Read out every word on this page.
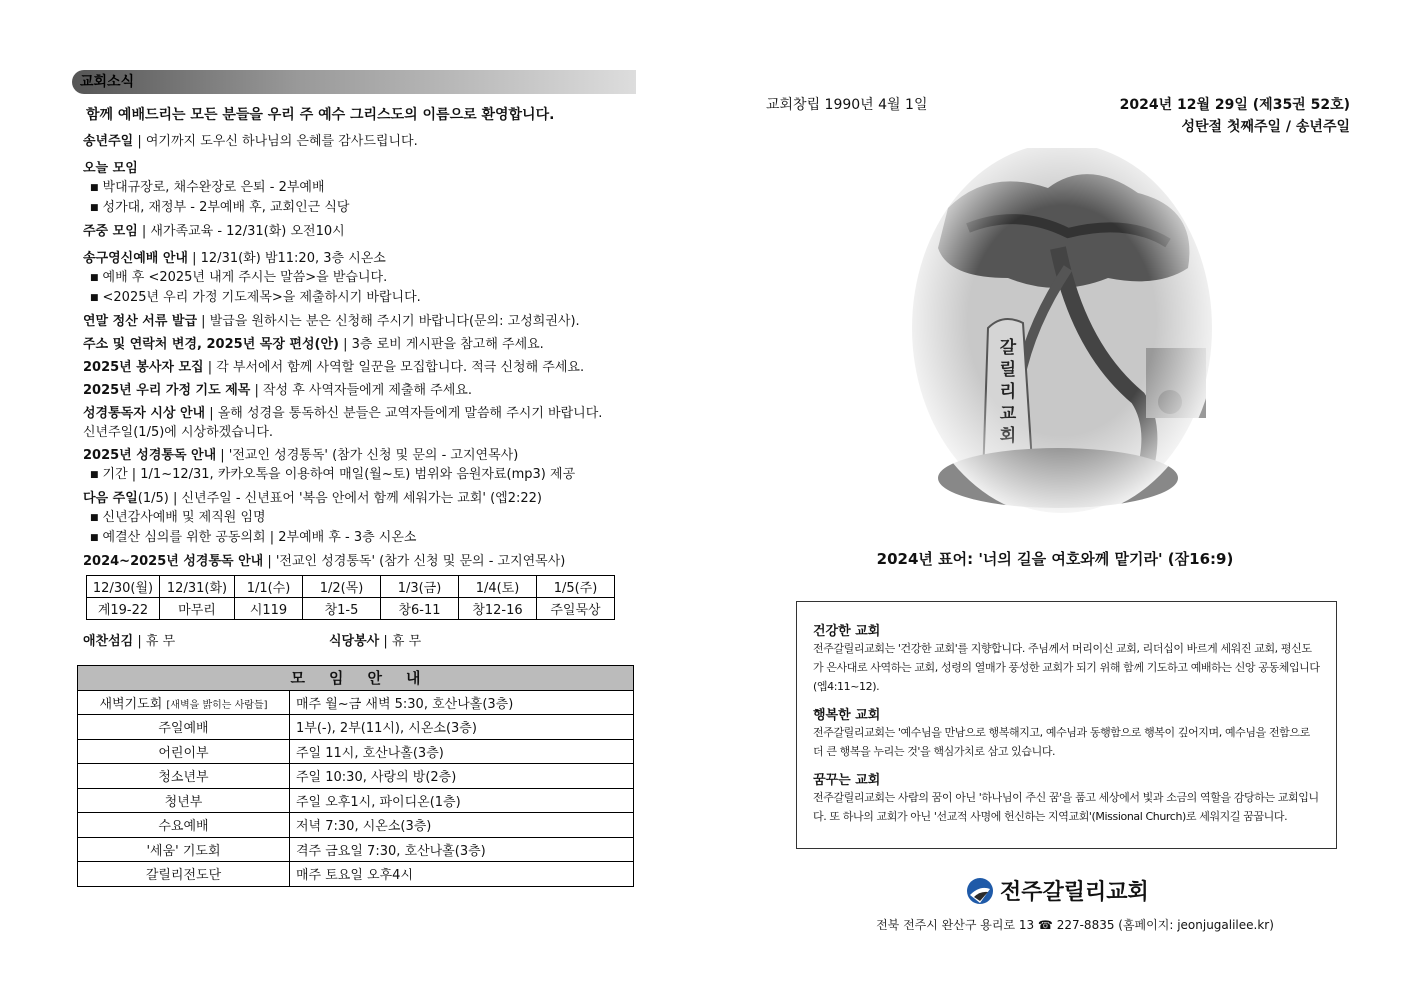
교회소식
함께 예배드리는 모든 분들을 우리 주 예수 그리스도의 이름으로 환영합니다.
송년주일 | 여기까지 도우신 하나님의 은혜를 감사드립니다.
오늘 모임
■ 박대규장로, 채수완장로 은퇴 - 2부예배
■ 성가대, 재정부 - 2부예배 후, 교회인근 식당
주중 모임 | 새가족교육 - 12/31(화) 오전10시
송구영신예배 안내 | 12/31(화) 밤11:20, 3층 시온소
■ 예배 후 <2025년 내게 주시는 말씀>을 받습니다.
■ <2025년 우리 가정 기도제목>을 제출하시기 바랍니다.
연말 정산 서류 발급 | 발급을 원하시는 분은 신청해 주시기 바랍니다(문의: 고성희권사).
주소 및 연락처 변경, 2025년 목장 편성(안) | 3층 로비 게시판을 참고해 주세요.
2025년 봉사자 모집 | 각 부서에서 함께 사역할 일꾼을 모집합니다. 적극 신청해 주세요.
2025년 우리 가정 기도 제목 | 작성 후 사역자들에게 제출해 주세요.
성경통독자 시상 안내 | 올해 성경을 통독하신 분들은 교역자들에게 말씀해 주시기 바랍니다.
신년주일(1/5)에 시상하겠습니다.
2025년 성경통독 안내 | '전교인 성경통독' (참가 신청 및 문의 - 고지연목사)
■ 기간 | 1/1~12/31, 카카오톡을 이용하여 매일(월~토) 범위와 음원자료(mp3) 제공
다음 주일(1/5) | 신년주일 - 신년표어 '복음 안에서 함께 세워가는 교회' (엡2:22)
■ 신년감사예배 및 제직원 임명
■ 예결산 심의를 위한 공동의회 | 2부예배 후 - 3층 시온소
2024~2025년 성경통독 안내 | '전교인 성경통독' (참가 신청 및 문의 - 고지연목사)
12/30(월)	12/31(화)	1/1(수)	1/2(목)	1/3(금)	1/4(토)	1/5(주)
계19-22	마무리	시119	창1-5	창6-11	창12-16	주일묵상
애찬섬김 | 휴 무	식당봉사 | 휴 무
모임안내	
새벽기도회 [새벽을 밝히는 사람들]	매주 월~금 새벽 5:30, 호산나홀(3층)
주일예배	1부(-), 2부(11시), 시온소(3층)
어린이부	주일 11시, 호산나홀(3층)
청소년부	주일 10:30, 사랑의 방(2층)
청년부	주일 오후1시, 파이디온(1층)
수요예배	저녁 7:30, 시온소(3층)
'세움' 기도회	격주 금요일 7:30, 호산나홀(3층)
갈릴리전도단	매주 토요일 오후4시
교회창립 1990년 4월 1일	2024년 12월 29일 (제35권 52호)
성탄절 첫째주일 / 송년주일
2024년 표어: '너의 길을 여호와께 맡기라' (잠16:9)
건강한 교회

전주갈릴리교회는 '건강한 교회'를 지향합니다. 주님께서 머리이신 교회, 리더십이 바르게 세워진 교회, 평신도가 은사대로 사역하는 교회, 성령의 열매가 풍성한 교회가 되기 위해 함께 기도하고 예배하는 신앙 공동체입니다(엡4:11~12).

행복한 교회

전주갈릴리교회는 '예수님을 만남으로 행복해지고, 예수님과 동행함으로 행복이 깊어지며, 예수님을 전함으로 더 큰 행복을 누리는 것'을 핵심가치로 삼고 있습니다.

꿈꾸는 교회

전주갈릴리교회는 사람의 꿈이 아닌 '하나님이 주신 꿈'을 품고 세상에서 빛과 소금의 역할을 감당하는 교회입니다. 또 하나의 교회가 아닌 '선교적 사명에 헌신하는 지역교회'(Missional Church)로 세워지길 꿈꿉니다.

전주갈릴리교회
전북 전주시 완산구 용리로 13 ☎ 227-8835 (홈페이지: jeonjugalilee.kr)
